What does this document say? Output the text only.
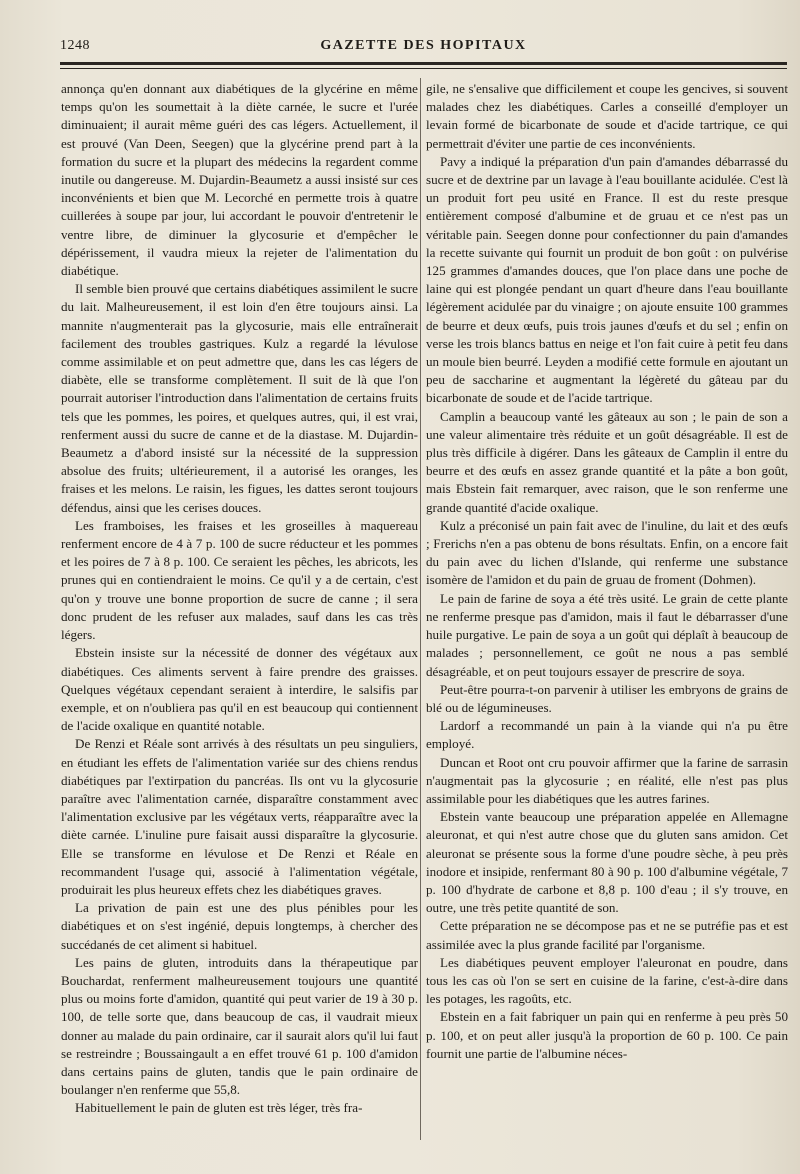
1248	GAZETTE DES HOPITAUX

annonça qu'en donnant aux diabétiques de la glycérine en même temps qu'on les soumettait à la diète carnée, le sucre et l'urée diminuaient; il aurait même guéri des cas légers. Actuellement, il est prouvé (Van Deen, Seegen) que la glycérine prend part à la formation du sucre et la plupart des médecins la regardent comme inutile ou dangereuse. M. Dujardin-Beaumetz a aussi insisté sur ces inconvénients et bien que M. Lecorché en permette trois à quatre cuillerées à soupe par jour, lui accordant le pouvoir d'entretenir le ventre libre, de diminuer la glycosurie et d'empêcher le dépérissement, il vaudra mieux la rejeter de l'alimentation du diabétique.

Il semble bien prouvé que certains diabétiques assimilent le sucre du lait. Malheureusement, il est loin d'en être toujours ainsi. La mannite n'augmenterait pas la glycosurie, mais elle entraînerait facilement des troubles gastriques. Kulz a regardé la lévulose comme assimilable et on peut admettre que, dans les cas légers de diabète, elle se transforme complètement. Il suit de là que l'on pourrait autoriser l'introduction dans l'alimentation de certains fruits tels que les pommes, les poires, et quelques autres, qui, il est vrai, renferment aussi du sucre de canne et de la diastase. M. Dujardin-Beaumetz a d'abord insisté sur la nécessité de la suppression absolue des fruits; ultérieurement, il a autorisé les oranges, les fraises et les melons. Le raisin, les figues, les dattes seront toujours défendus, ainsi que les cerises douces.

Les framboises, les fraises et les groseilles à maquereau renferment encore de 4 à 7 p. 100 de sucre réducteur et les pommes et les poires de 7 à 8 p. 100. Ce seraient les pêches, les abricots, les prunes qui en contiendraient le moins. Ce qu'il y a de certain, c'est qu'on y trouve une bonne proportion de sucre de canne ; il sera donc prudent de les refuser aux malades, sauf dans les cas très légers.

Ebstein insiste sur la nécessité de donner des végétaux aux diabétiques. Ces aliments servent à faire prendre des graisses. Quelques végétaux cependant seraient à interdire, le salsifis par exemple, et on n'oubliera pas qu'il en est beaucoup qui contiennent de l'acide oxalique en quantité notable.

De Renzi et Réale sont arrivés à des résultats un peu singuliers, en étudiant les effets de l'alimentation variée sur des chiens rendus diabétiques par l'extirpation du pancréas. Ils ont vu la glycosurie paraître avec l'alimentation carnée, disparaître constamment avec l'alimentation exclusive par les végétaux verts, réapparaître avec la diète carnée. L'inuline pure faisait aussi disparaître la glycosurie. Elle se transforme en lévulose et De Renzi et Réale en recommandent l'usage qui, associé à l'alimentation végétale, produirait les plus heureux effets chez les diabétiques graves.

La privation de pain est une des plus pénibles pour les diabétiques et on s'est ingénié, depuis longtemps, à chercher des succédanés de cet aliment si habituel.

Les pains de gluten, introduits dans la thérapeutique par Bouchardat, renferment malheureusement toujours une quantité plus ou moins forte d'amidon, quantité qui peut varier de 19 à 30 p. 100, de telle sorte que, dans beaucoup de cas, il vaudrait mieux donner au malade du pain ordinaire, car il saurait alors qu'il lui faut se restreindre ; Boussaingault a en effet trouvé 61 p. 100 d'amidon dans certains pains de gluten, tandis que le pain ordinaire de boulanger n'en renferme que 55,8.

Habituellement le pain de gluten est très léger, très fra-

gile, ne s'ensalive que difficilement et coupe les gencives, si souvent malades chez les diabétiques. Carles a conseillé d'employer un levain formé de bicarbonate de soude et d'acide tartrique, ce qui permettrait d'éviter une partie de ces inconvénients.

Pavy a indiqué la préparation d'un pain d'amandes débarrassé du sucre et de dextrine par un lavage à l'eau bouillante acidulée. C'est là un produit fort peu usité en France. Il est du reste presque entièrement composé d'albumine et de gruau et ce n'est pas un véritable pain. Seegen donne pour confectionner du pain d'amandes la recette suivante qui fournit un produit de bon goût : on pulvérise 125 grammes d'amandes douces, que l'on place dans une poche de laine qui est plongée pendant un quart d'heure dans l'eau bouillante légèrement acidulée par du vinaigre ; on ajoute ensuite 100 grammes de beurre et deux œufs, puis trois jaunes d'œufs et du sel ; enfin on verse les trois blancs battus en neige et l'on fait cuire à petit feu dans un moule bien beurré. Leyden a modifié cette formule en ajoutant un peu de saccharine et augmentant la légèreté du gâteau par du bicarbonate de soude et de l'acide tartrique.

Camplin a beaucoup vanté les gâteaux au son ; le pain de son a une valeur alimentaire très réduite et un goût désagréable. Il est de plus très difficile à digérer. Dans les gâteaux de Camplin il entre du beurre et des œufs en assez grande quantité et la pâte a bon goût, mais Ebstein fait remarquer, avec raison, que le son renferme une grande quantité d'acide oxalique.

Kulz a préconisé un pain fait avec de l'inuline, du lait et des œufs ; Frerichs n'en a pas obtenu de bons résultats. Enfin, on a encore fait du pain avec du lichen d'Islande, qui renferme une substance isomère de l'amidon et du pain de gruau de froment (Dohmen).

Le pain de farine de soya a été très usité. Le grain de cette plante ne renferme presque pas d'amidon, mais il faut le débarrasser d'une huile purgative. Le pain de soya a un goût qui déplaît à beaucoup de malades ; personnellement, ce goût ne nous a pas semblé désagréable, et on peut toujours essayer de prescrire de soya.

Peut-être pourra-t-on parvenir à utiliser les embryons de grains de blé ou de légumineuses.

Lardorf a recommandé un pain à la viande qui n'a pu être employé.

Duncan et Root ont cru pouvoir affirmer que la farine de sarrasin n'augmentait pas la glycosurie ; en réalité, elle n'est pas plus assimilable pour les diabétiques que les autres farines.

Ebstein vante beaucoup une préparation appelée en Allemagne aleuronat, et qui n'est autre chose que du gluten sans amidon. Cet aleuronat se présente sous la forme d'une poudre sèche, à peu près inodore et insipide, renfermant 80 à 90 p. 100 d'albumine végétale, 7 p. 100 d'hydrate de carbone et 8,8 p. 100 d'eau ; il s'y trouve, en outre, une très petite quantité de son.

Cette préparation ne se décompose pas et ne se putréfie pas et est assimilée avec la plus grande facilité par l'organisme.

Les diabétiques peuvent employer l'aleuronat en poudre, dans tous les cas où l'on se sert en cuisine de la farine, c'est-à-dire dans les potages, les ragoûts, etc.

Ebstein en a fait fabriquer un pain qui en renferme à peu près 50 p. 100, et on peut aller jusqu'à la proportion de 60 p. 100. Ce pain fournit une partie de l'albumine néces-
